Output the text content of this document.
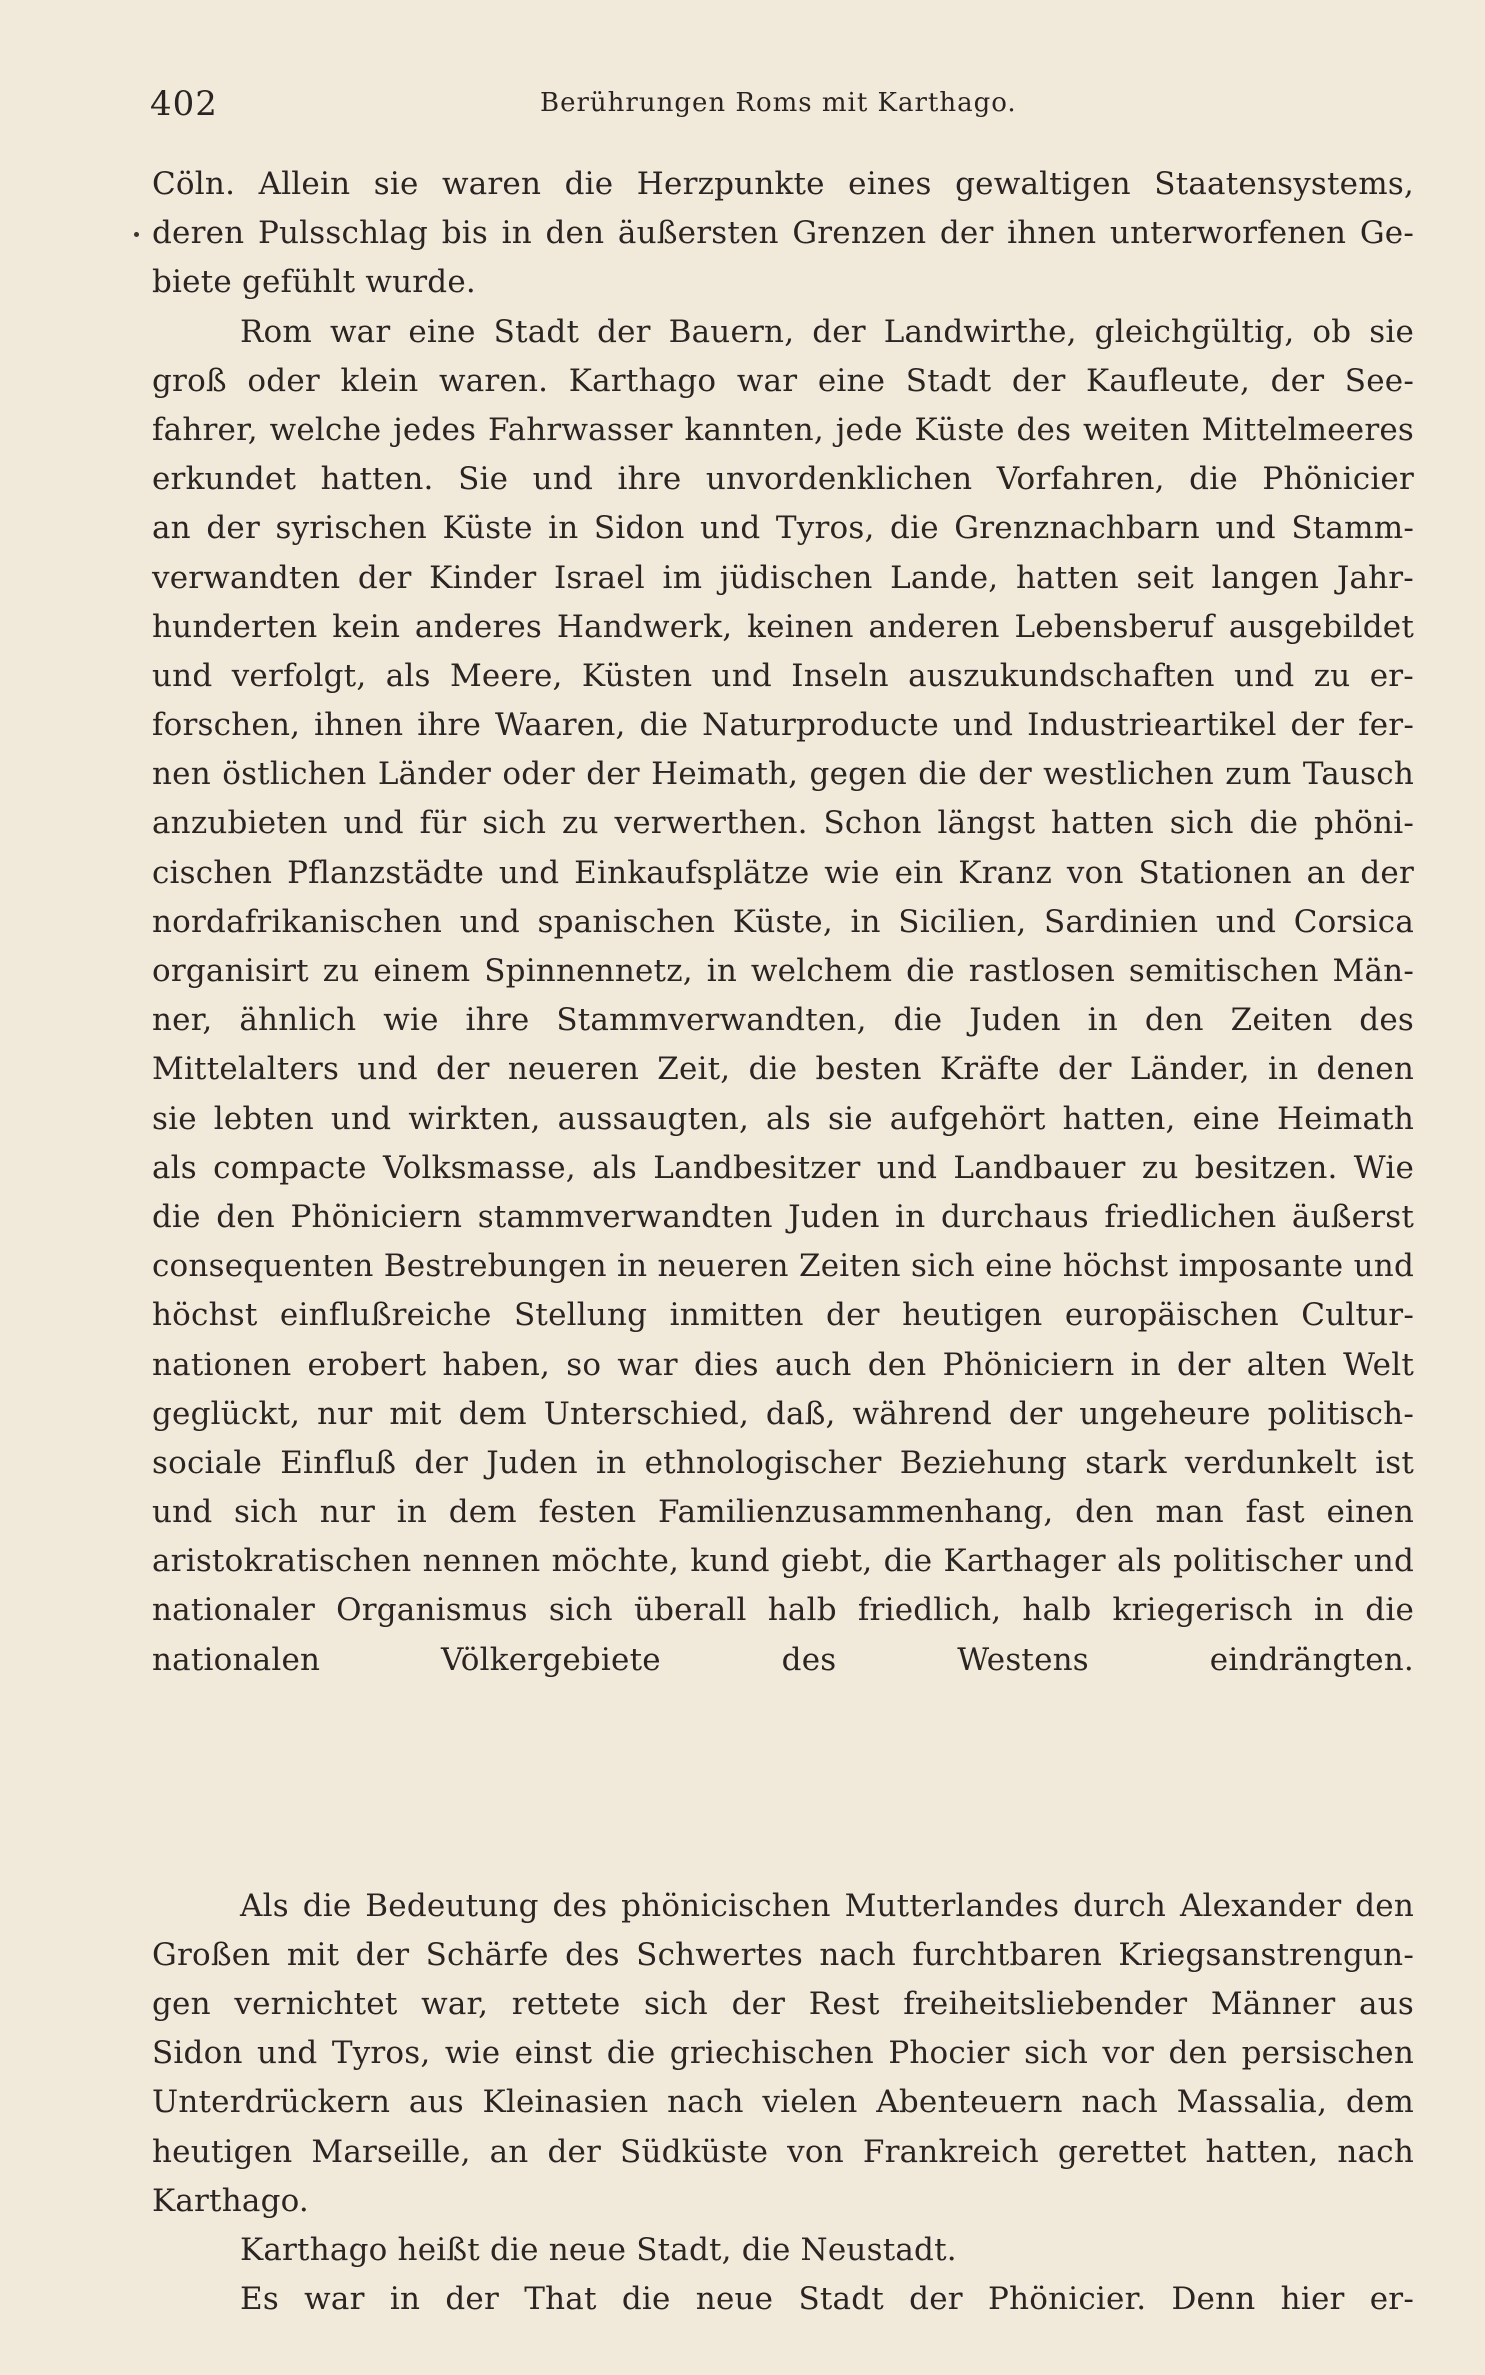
402	Berührungen Roms mit Karthago.
Cöln. Allein sie waren die Herzpunkte eines gewaltigen Staatensystems,
deren Pulsschlag bis in den äußersten Grenzen der ihnen unterworfenen Ge-
biete gefühlt wurde.
Rom war eine Stadt der Bauern, der Landwirthe, gleichgültig, ob sie
groß oder klein waren. Karthago war eine Stadt der Kaufleute, der See-
fahrer, welche jedes Fahrwasser kannten, jede Küste des weiten Mittelmeeres
erkundet hatten. Sie und ihre unvordenklichen Vorfahren, die Phönicier
an der syrischen Küste in Sidon und Tyros, die Grenznachbarn und Stamm-
verwandten der Kinder Israel im jüdischen Lande, hatten seit langen Jahr-
hunderten kein anderes Handwerk, keinen anderen Lebensberuf ausgebildet
und verfolgt, als Meere, Küsten und Inseln auszukundschaften und zu er-
forschen, ihnen ihre Waaren, die Naturproducte und Industrieartikel der fer-
nen östlichen Länder oder der Heimath, gegen die der westlichen zum Tausch
anzubieten und für sich zu verwerthen. Schon längst hatten sich die phöni-
cischen Pflanzstädte und Einkaufsplätze wie ein Kranz von Stationen an der
nordafrikanischen und spanischen Küste, in Sicilien, Sardinien und Corsica
organisirt zu einem Spinnennetz, in welchem die rastlosen semitischen Män-
ner, ähnlich wie ihre Stammverwandten, die Juden in den Zeiten des
Mittelalters und der neueren Zeit, die besten Kräfte der Länder, in denen
sie lebten und wirkten, aussaugten, als sie aufgehört hatten, eine Heimath
als compacte Volksmasse, als Landbesitzer und Landbauer zu besitzen. Wie
die den Phöniciern stammverwandten Juden in durchaus friedlichen äußerst
consequenten Bestrebungen in neueren Zeiten sich eine höchst imposante und
höchst einflußreiche Stellung inmitten der heutigen europäischen Cultur-
nationen erobert haben, so war dies auch den Phöniciern in der alten Welt
geglückt, nur mit dem Unterschied, daß, während der ungeheure politisch-
sociale Einfluß der Juden in ethnologischer Beziehung stark verdunkelt ist
und sich nur in dem festen Familienzusammenhang, den man fast einen
aristokratischen nennen möchte, kund giebt, die Karthager als politischer und
nationaler Organismus sich überall halb friedlich, halb kriegerisch in die
nationalen Völkergebiete des Westens eindrängten.
Als die Bedeutung des phönicischen Mutterlandes durch Alexander den
Großen mit der Schärfe des Schwertes nach furchtbaren Kriegsanstrengun-
gen vernichtet war, rettete sich der Rest freiheitsliebender Männer aus
Sidon und Tyros, wie einst die griechischen Phocier sich vor den persischen
Unterdrückern aus Kleinasien nach vielen Abenteuern nach Massalia, dem
heutigen Marseille, an der Südküste von Frankreich gerettet hatten, nach
Karthago.
Karthago heißt die neue Stadt, die Neustadt.
Es war in der That die neue Stadt der Phönicier. Denn hier er-
